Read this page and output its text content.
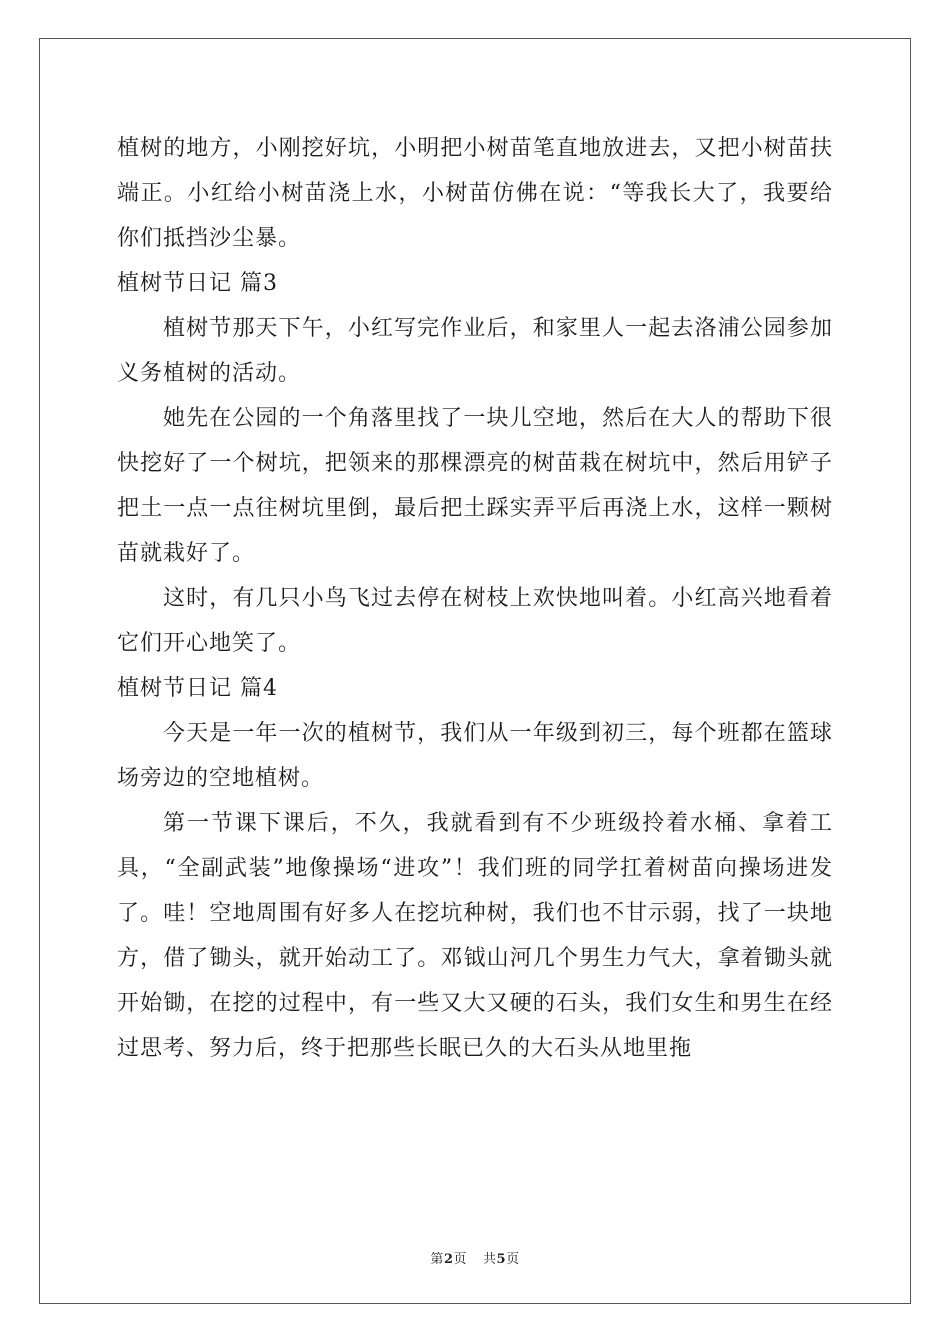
植树的地方，小刚挖好坑，小明把小树苗笔直地放进去，又把小树苗扶端正。小红给小树苗浇上水，小树苗仿佛在说：“等我长大了，我要给你们抵挡沙尘暴。

植树节日记 篇3

植树节那天下午，小红写完作业后，和家里人一起去洛浦公园参加义务植树的活动。

她先在公园的一个角落里找了一块儿空地，然后在大人的帮助下很快挖好了一个树坑，把领来的那棵漂亮的树苗栽在树坑中，然后用铲子把土一点一点往树坑里倒，最后把土踩实弄平后再浇上水，这样一颗树苗就栽好了。

这时，有几只小鸟飞过去停在树枝上欢快地叫着。小红高兴地看着它们开心地笑了。

植树节日记 篇4

今天是一年一次的植树节，我们从一年级到初三，每个班都在篮球场旁边的空地植树。

第一节课下课后，不久，我就看到有不少班级拎着水桶、拿着工具，“全副武装”地像操场“进攻”！我们班的同学扛着树苗向操场进发了。哇！空地周围有好多人在挖坑种树，我们也不甘示弱，找了一块地方，借了锄头，就开始动工了。邓钺山河几个男生力气大，拿着锄头就开始锄，在挖的过程中，有一些又大又硬的石头，我们女生和男生在经过思考、努力后，终于把那些长眠已久的大石头从地里拖

第2页 共5页
